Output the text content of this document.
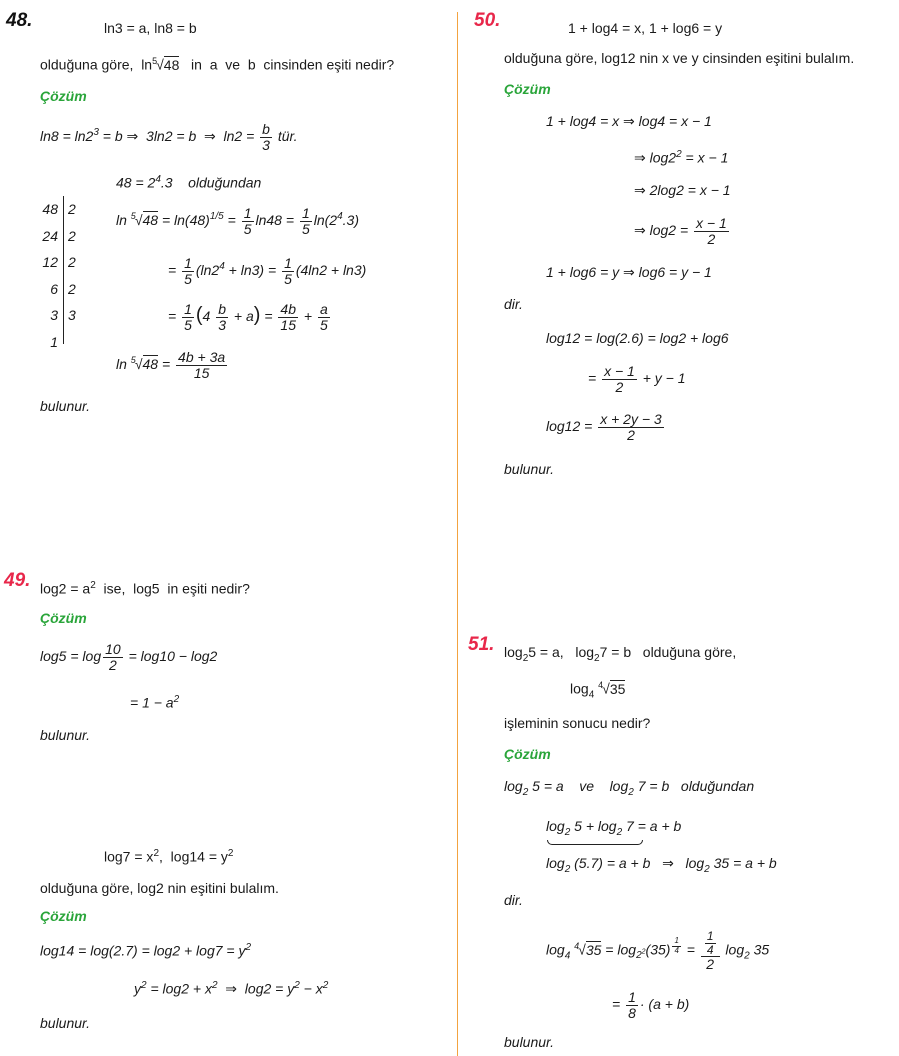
48.	ln3 = a, ln8 = b
olduğuna göre,  $\ln^5√48$   in  a  ve  b  cinsinden eşiti nedir?
Çözüm
$\ln 8 = \ln 2^3 = b$ ⇒  3ln2 = b  ⇒  $\ln 2 = \frac{b}{3}$ tür.
$48 = 2^4.3$    olduğundan
48
24
12
6
3
1
2
2
2
2
3
$\ln ^5√48 = \ln(48)^{1/5} = \frac{1}{5} \ln 48 = \frac{1}{5} \ln(2^4.3)$
= $\frac{1}{5} (\ln 2^4 + \ln 3) = \frac{1}{5} (4\ln 2 + \ln 3)$
= $\frac{1}{5} (4 \frac{b}{3} + a) = \frac{4b}{15} + \frac{a}{5}$
$\ln ^5√48 = \frac{4b + 3a}{15}$
bulunur.
49. $\log 2 = a^2$  ise,  log5  in eşiti nedir?
Çözüm
$\log 5 = \log \frac{10}{2} = \log 10 - \log 2$
= $1 - a^2$
bulunur.
$\log 7 = x^2$,  $\log 14 = y^2$
olduğuna göre, log2 nin eşitini bulalım.
Çözüm
$\log 14 = \log(2.7) = \log 2 + \log 7 = y^2$
$y^2 = \log 2 + x^2$  ⇒  $\log 2 = y^2 - x^2$
bulunur.
50.	1 + log4 = x, 1 + log6 = y
olduğuna göre, log12 nin x ve y cinsinden eşitini bulalım.
Çözüm
1 + log4 = x ⇒ log4 = x − 1
⇒ $\log 2^2 = x - 1$
⇒ 2log2 = x − 1
⇒ $\log 2 = \frac{x - 1}{2}$
1 + log6 = y ⇒ log6 = y − 1
dir.
log12 = log(2.6) = log2 + log6
= $\frac{x - 1}{2} + y - 1$
$\log 12 = \frac{x + 2y - 3}{2}$
bulunur.
51. $\log_25 = a$,   $\log_27 = b$   olduğuna göre,
$\log_4 ^4√35$
işleminin sonucu nedir?
Çözüm
$\log_2 5 = a$    ve    $\log_2 7 = b$   olduğundan
$\log_2 5 + \log_2 7 = a + b$
$\log_2 (5.7) = a + b$   ⇒   $\log_2 35 = a + b$
dir.
$\log_4 ^4√35 = \log_{2^2}(35) ^{\frac{1}{4}} = \frac{\frac{1}{4}}{2} \log_2 35$
= $\frac{1}{8} \cdot (a + b)$
bulunur.
